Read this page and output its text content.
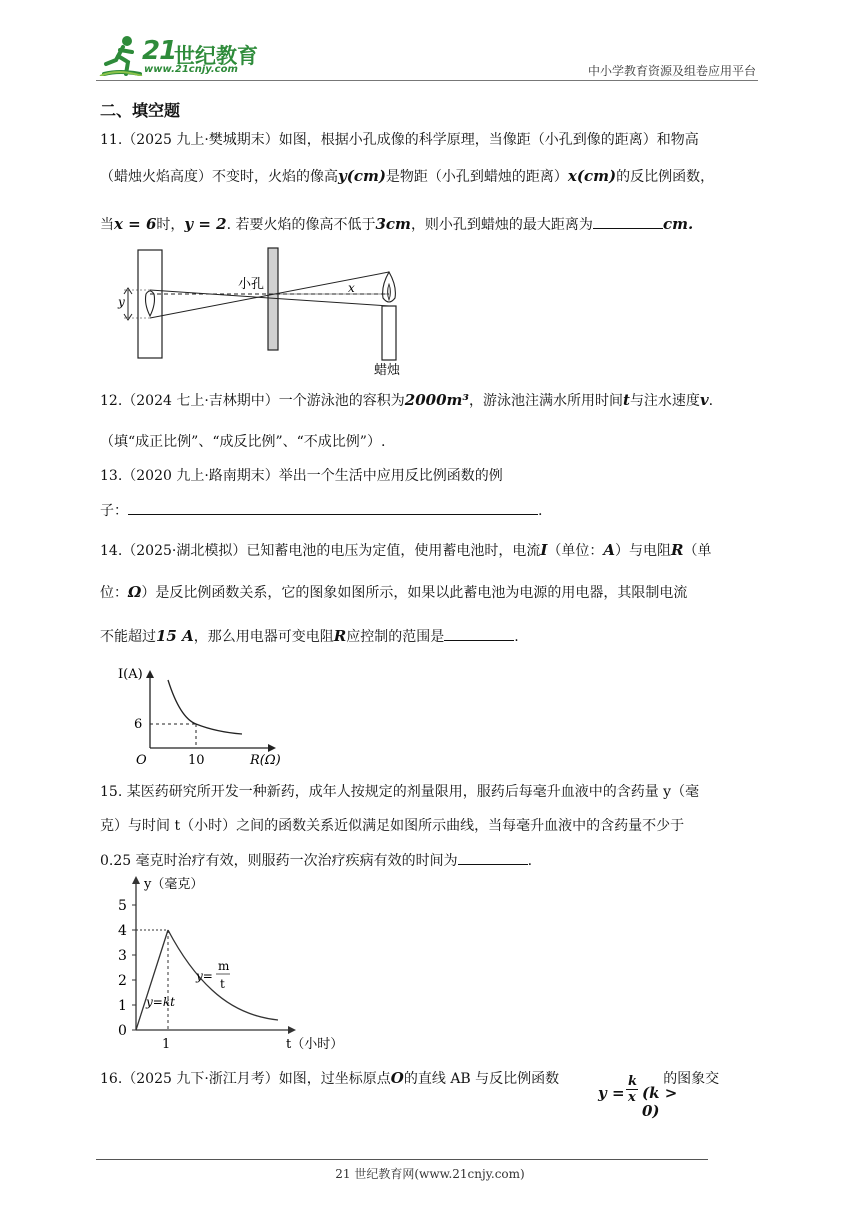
21
世纪教育
www.21cnjy.com	中小学教育资源及组卷应用平台
二、填空题
11.（2025 九上·樊城期末）如图，根据小孔成像的科学原理，当像距（小孔到像的距离）和物高
（蜡烛火焰高度）不变时，火焰的像高y(cm)是物距（小孔到蜡烛的距离）x(cm)的反比例函数，
当x = 6时，y = 2. 若要火焰的像高不低于3cm，则小孔到蜡烛的最大距离为	cm.
y
小孔	x
蜡烛
12.（2024 七上·吉林期中）一个游泳池的容积为2000m³，游泳池注满水所用时间t与注水速度v.
（填“成正比例”、“成反比例”、“不成比例”）.
13.（2020 九上·路南期末）举出一个生活中应用反比例函数的例
子：	.
14.（2025·湖北模拟）已知蓄电池的电压为定值，使用蓄电池时，电流I（单位：A）与电阻R（单
位：Ω）是反比例函数关系，它的图象如图所示，如果以此蓄电池为电源的用电器，其限制电流
不能超过15 A，那么用电器可变电阻R应控制的范围是	.
I(A)
6
10
O	R(Ω)
15. 某医药研究所开发一种新药，成年人按规定的剂量限用，服药后每毫升血液中的含药量 y（毫
克）与时间 t（小时）之间的函数关系近似满足如图所示曲线，当每毫升血液中的含药量不少于
0.25 毫克时治疗有效，则服药一次治疗疾病有效的时间为	.
0
1
2
3
4
5
y（毫克）
1	t（小时）
y=kt
y=
m
t
16.（2025 九下·浙江月考）如图，过坐标原点O的直线 AB 与反比例函数	的图象交
y =
k
x (k > 0)
21 世纪教育网(www.21cnjy.com)
